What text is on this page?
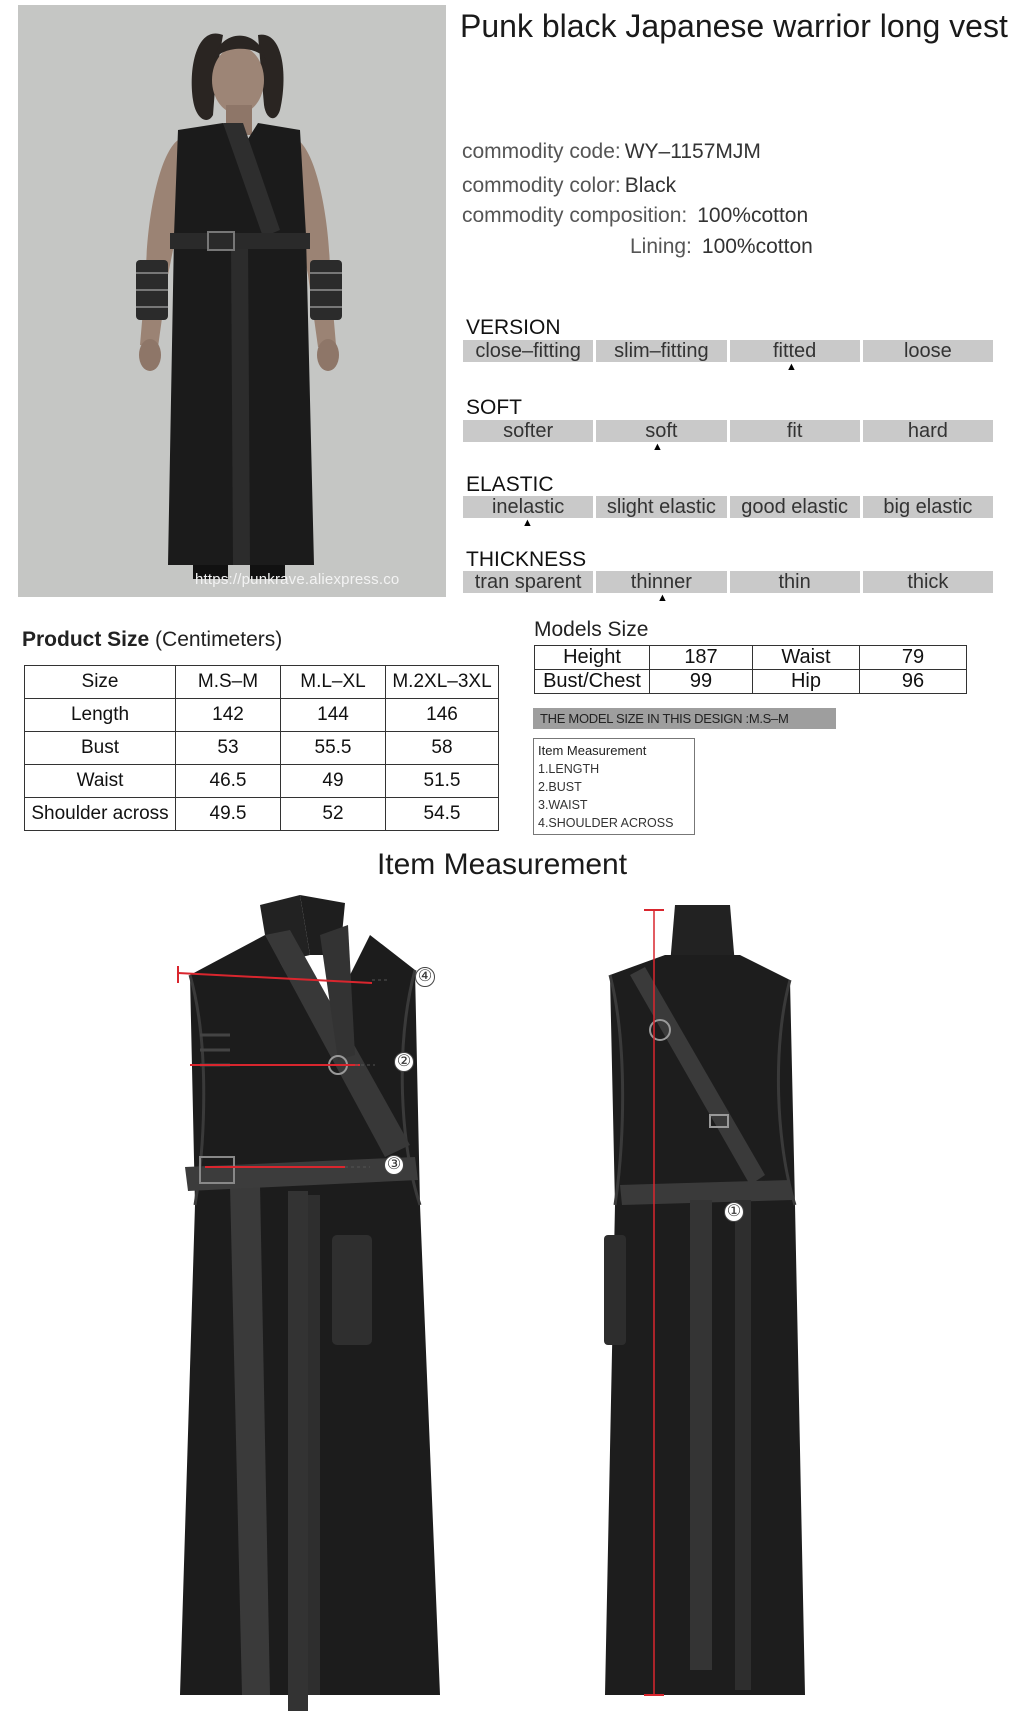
https://punkrave.aliexpress.co
Punk black Japanese warrior long vest
commodity code: WY–1157MJM
commodity color: Black
commodity composition: 100%cotton
Lining: 100%cotton
VERSION
close–fitting	slim–fitting	fitted	loose
▲
SOFT
softer	soft	fit	hard
▲
ELASTIC
inelastic	slight elastic	good elastic	big elastic
▲
THICKNESS
tran sparent	thinner	thin	thick
▲
Product Size (Centimeters)
Size	M.S–M	M.L–XL	M.2XL–3XL
Length	142	144	146
Bust	53	55.5	58
Waist	46.5	49	51.5
Shoulder across	49.5	52	54.5
Models Size
Height	187	Waist	79
Bust/Chest	99	Hip	96
THE MODEL SIZE IN THIS DESIGN :M.S–M
Item Measurement
1.LENGTH
2.BUST
3.WAIST
4.SHOULDER ACROSS
Item Measurement
④
②
③
①
